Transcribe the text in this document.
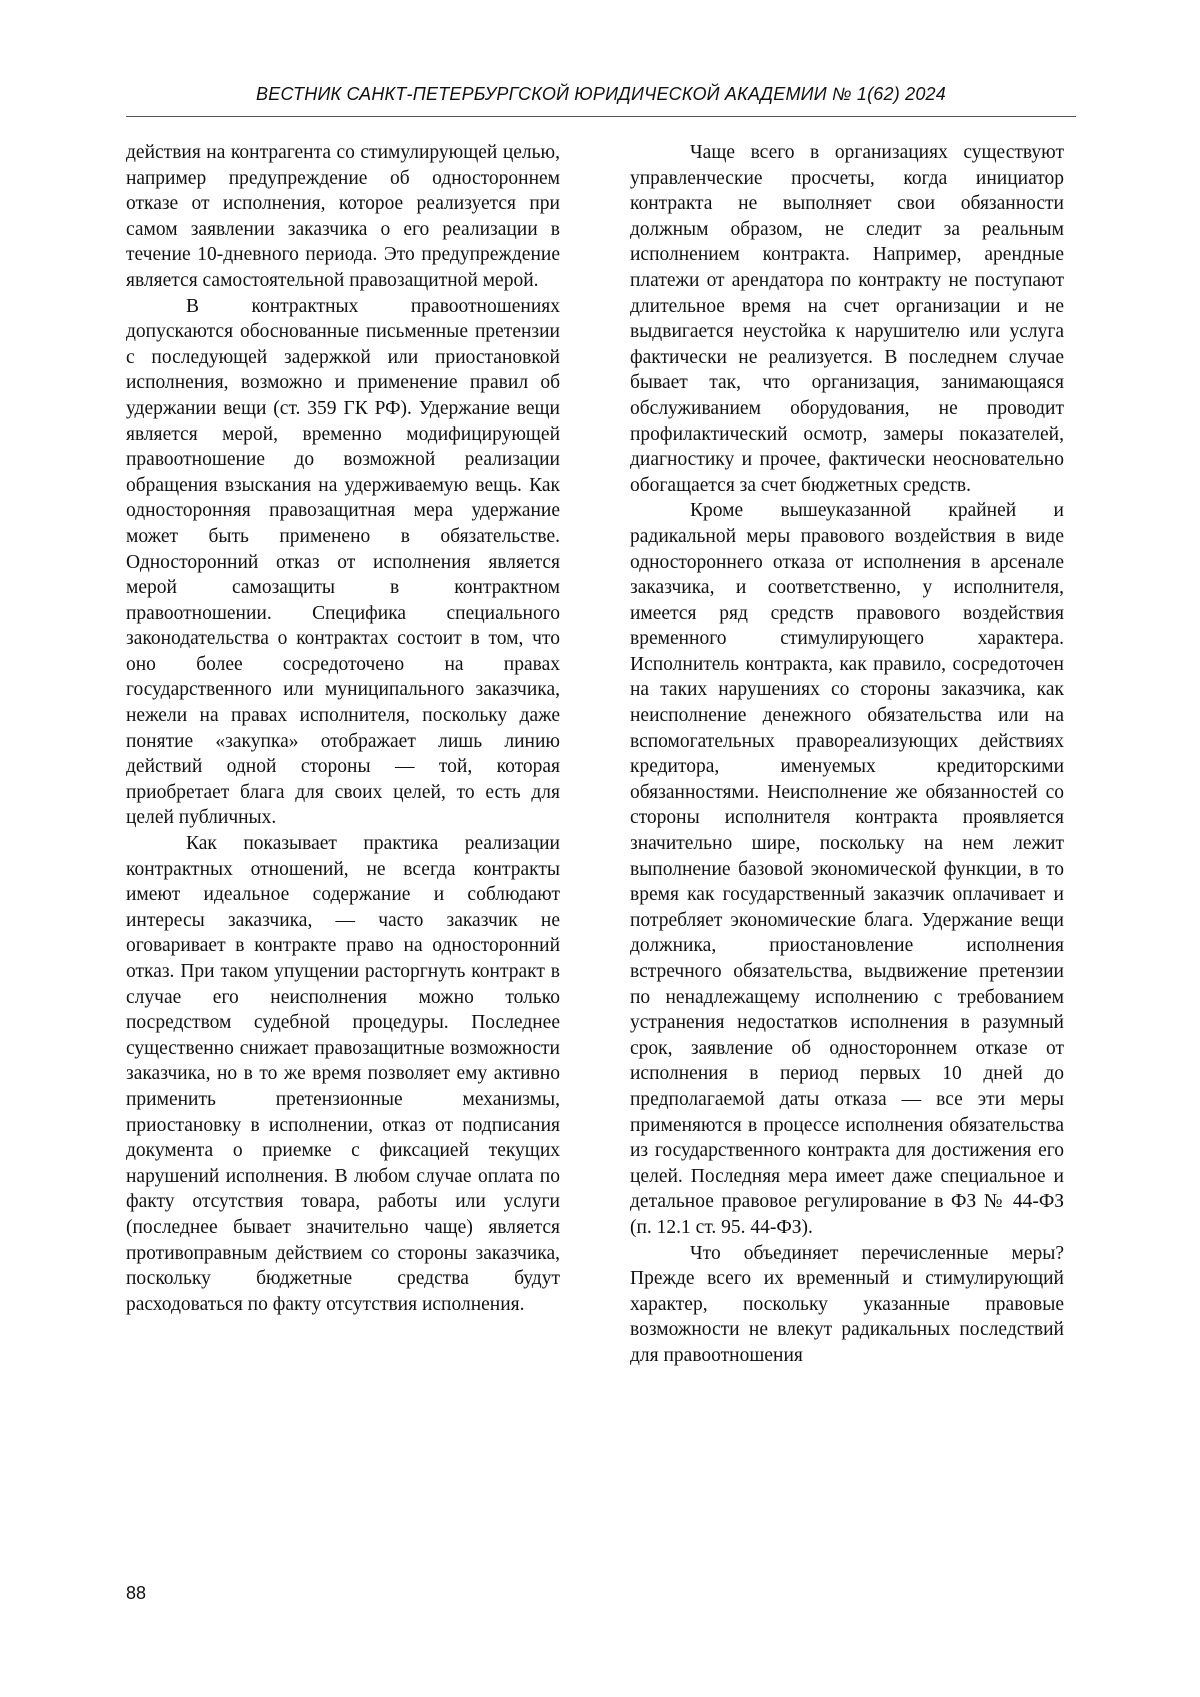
ВЕСТНИК САНКТ-ПЕТЕРБУРГСКОЙ ЮРИДИЧЕСКОЙ АКАДЕМИИ № 1(62) 2024

действия на контрагента со стимулирующей целью, например предупреждение об одностороннем отказе от исполнения, которое реализуется при самом заявлении заказчика о его реализации в течение 10-дневного периода. Это предупреждение является самостоятельной правозащитной мерой.

В контрактных правоотношениях допускаются обоснованные письменные претензии с последующей задержкой или приостановкой исполнения, возможно и применение правил об удержании вещи (ст. 359 ГК РФ). Удержание вещи является мерой, временно модифицирующей правоотношение до возможной реализации обращения взыскания на удерживаемую вещь. Как односторонняя правозащитная мера удержание может быть применено в обязательстве. Односторонний отказ от исполнения является мерой самозащиты в контрактном правоотношении. Специфика специального законодательства о контрактах состоит в том, что оно более сосредоточено на правах государственного или муниципального заказчика, нежели на правах исполнителя, поскольку даже понятие «закупка» отображает лишь линию действий одной стороны — той, которая приобретает блага для своих целей, то есть для целей публичных.

Как показывает практика реализации контрактных отношений, не всегда контракты имеют идеальное содержание и соблюдают интересы заказчика, — часто заказчик не оговаривает в контракте право на односторонний отказ. При таком упущении расторгнуть контракт в случае его неисполнения можно только посредством судебной процедуры. Последнее существенно снижает правозащитные возможности заказчика, но в то же время позволяет ему активно применить претензионные механизмы, приостановку в исполнении, отказ от подписания документа о приемке с фиксацией текущих нарушений исполнения. В любом случае оплата по факту отсутствия товара, работы или услуги (последнее бывает значительно чаще) является противоправным действием со стороны заказчика, поскольку бюджетные средства будут расходоваться по факту отсутствия исполнения.

Чаще всего в организациях существуют управленческие просчеты, когда инициатор контракта не выполняет свои обязанности должным образом, не следит за реальным исполнением контракта. Например, арендные платежи от арендатора по контракту не поступают длительное время на счет организации и не выдвигается неустойка к нарушителю или услуга фактически не реализуется. В последнем случае бывает так, что организация, занимающаяся обслуживанием оборудования, не проводит профилактический осмотр, замеры показателей, диагностику и прочее, фактически неосновательно обогащается за счет бюджетных средств.

Кроме вышеуказанной крайней и радикальной меры правового воздействия в виде одностороннего отказа от исполнения в арсенале заказчика, и соответственно, у исполнителя, имеется ряд средств правового воздействия временного стимулирующего характера. Исполнитель контракта, как правило, сосредоточен на таких нарушениях со стороны заказчика, как неисполнение денежного обязательства или на вспомогательных правореализующих действиях кредитора, именуемых кредиторскими обязанностями. Неисполнение же обязанностей со стороны исполнителя контракта проявляется значительно шире, поскольку на нем лежит выполнение базовой экономической функции, в то время как государственный заказчик оплачивает и потребляет экономические блага. Удержание вещи должника, приостановление исполнения встречного обязательства, выдвижение претензии по ненадлежащему исполнению с требованием устранения недостатков исполнения в разумный срок, заявление об одностороннем отказе от исполнения в период первых 10 дней до предполагаемой даты отказа — все эти меры применяются в процессе исполнения обязательства из государственного контракта для достижения его целей. Последняя мера имеет даже специальное и детальное правовое регулирование в ФЗ № 44-ФЗ (п. 12.1 ст. 95. 44-ФЗ).

Что объединяет перечисленные меры? Прежде всего их временный и стимулирующий характер, поскольку указанные правовые возможности не влекут радикальных последствий для правоотношения

88
